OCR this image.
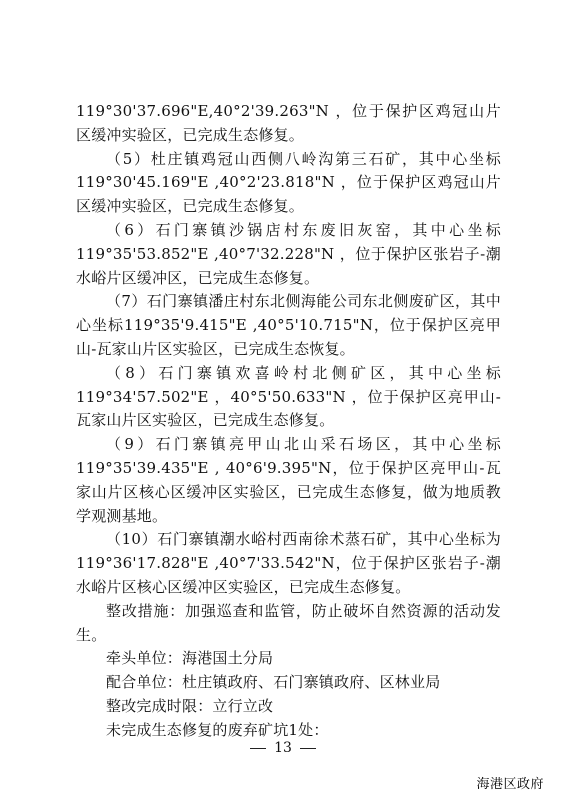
119°30'37.696"E,40°2'39.263"N ，位于保护区鸡冠山片区缓冲实验区，已完成生态修复。

（5）杜庄镇鸡冠山西侧八岭沟第三石矿，其中心坐标119°30'45.169"E ,40°2'23.818"N ，位于保护区鸡冠山片区缓冲实验区，已完成生态修复。

（6）石门寨镇沙锅店村东废旧灰窑，其中心坐标119°35'53.852"E ,40°7'32.228"N ，位于保护区张岩子-潮水峪片区缓冲区，已完成生态修复。

（7）石门寨镇潘庄村东北侧海能公司东北侧废矿区，其中心坐标119°35'9.415"E ,40°5'10.715"N，位于保护区亮甲山-瓦家山片区实验区，已完成生态恢复。

（8）石门寨镇欢喜岭村北侧矿区，其中心坐标119°34'57.502"E ，40°5'50.633"N ，位于保护区亮甲山-瓦家山片区实验区，已完成生态修复。

（9）石门寨镇亮甲山北山采石场区，其中心坐标119°35'39.435"E , 40°6'9.395"N，位于保护区亮甲山-瓦家山片区核心区缓冲区实验区，已完成生态修复，做为地质教学观测基地。

（10）石门寨镇潮水峪村西南徐术蒸石矿，其中心坐标为119°36'17.828"E ,40°7'33.542"N，位于保护区张岩子-潮水峪片区核心区缓冲区实验区，已完成生态修复。

整改措施：加强巡查和监管，防止破坏自然资源的活动发生。

牵头单位：海港国土分局

配合单位：杜庄镇政府、石门寨镇政府、区林业局

整改完成时限：立行立改

未完成生态修复的废弃矿坑1处：

13
海港区政府
